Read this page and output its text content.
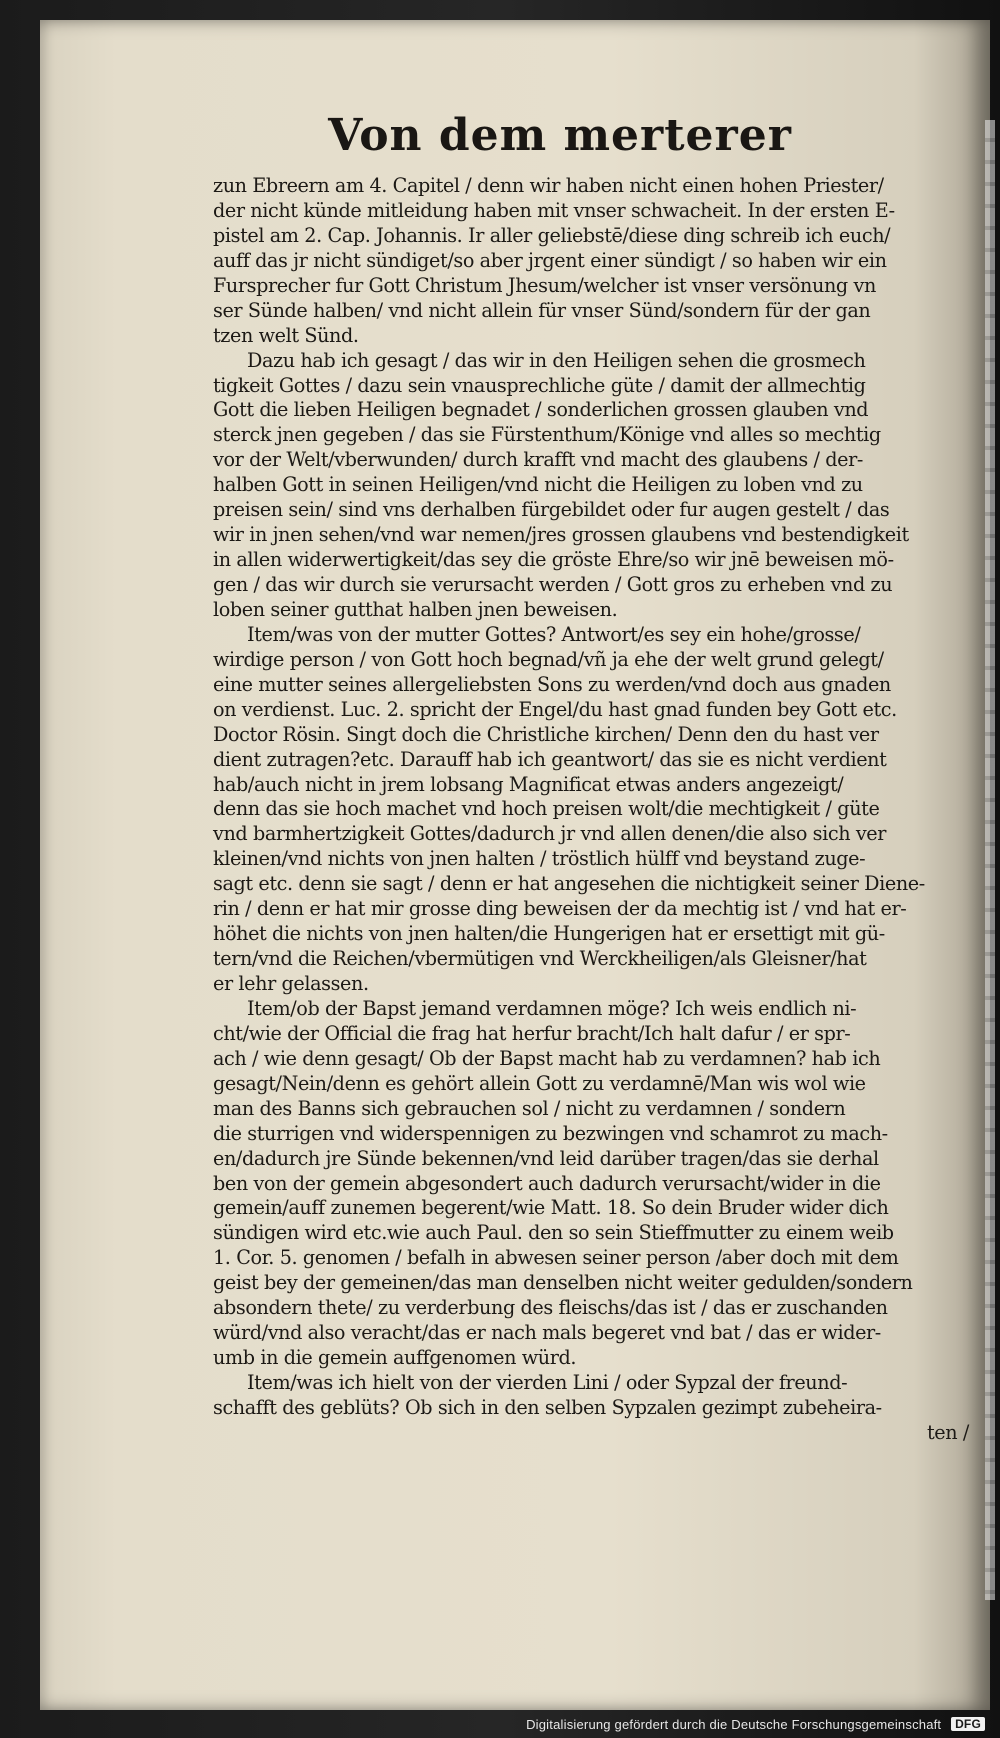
Von dem merterer
zun Ebreern am 4. Capitel / denn wir haben nicht einen hohen Priester/
der nicht künde mitleidung haben mit vnser schwacheit. In der ersten E-
pistel am 2. Cap. Johannis. Ir aller geliebstē/diese ding schreib ich euch/
auff das jr nicht sündiget/so aber jrgent einer sündigt / so haben wir ein
Fursprecher fur Gott Christum Jhesum/welcher ist vnser versönung vn
ser Sünde halben/ vnd nicht allein für vnser Sünd/sondern für der gan
tzen welt Sünd.
Dazu hab ich gesagt / das wir in den Heiligen sehen die grosmech
tigkeit Gottes / dazu sein vnausprechliche güte / damit der allmechtig
Gott die lieben Heiligen begnadet / sonderlichen grossen glauben vnd
sterck jnen gegeben / das sie Fürstenthum/Könige vnd alles so mechtig
vor der Welt/vberwunden/ durch krafft vnd macht des glaubens / der-
halben Gott in seinen Heiligen/vnd nicht die Heiligen zu loben vnd zu
preisen sein/ sind vns derhalben fürgebildet oder fur augen gestelt / das
wir in jnen sehen/vnd war nemen/jres grossen glaubens vnd bestendigkeit
in allen widerwertigkeit/das sey die gröste Ehre/so wir jnē beweisen mö-
gen / das wir durch sie verursacht werden / Gott gros zu erheben vnd zu
loben seiner gutthat halben jnen beweisen.
Item/was von der mutter Gottes? Antwort/es sey ein hohe/grosse/
wirdige person / von Gott hoch begnad/vñ ja ehe der welt grund gelegt/
eine mutter seines allergeliebsten Sons zu werden/vnd doch aus gnaden
on verdienst. Luc. 2. spricht der Engel/du hast gnad funden bey Gott etc.
Doctor Rösin. Singt doch die Christliche kirchen/ Denn den du hast ver
dient zutragen?etc. Darauff hab ich geantwort/ das sie es nicht verdient
hab/auch nicht in jrem lobsang Magnificat etwas anders angezeigt/
denn das sie hoch machet vnd hoch preisen wolt/die mechtigkeit / güte
vnd barmhertzigkeit Gottes/dadurch jr vnd allen denen/die also sich ver
kleinen/vnd nichts von jnen halten / tröstlich hülff vnd beystand zuge-
sagt etc. denn sie sagt / denn er hat angesehen die nichtigkeit seiner Diene-
rin / denn er hat mir grosse ding beweisen der da mechtig ist / vnd hat er-
höhet die nichts von jnen halten/die Hungerigen hat er ersettigt mit gü-
tern/vnd die Reichen/vbermütigen vnd Werckheiligen/als Gleisner/hat
er lehr gelassen.
Item/ob der Bapst jemand verdamnen möge? Ich weis endlich ni-
cht/wie der Official die frag hat herfur bracht/Ich halt dafur / er spr-
ach / wie denn gesagt/ Ob der Bapst macht hab zu verdamnen? hab ich
gesagt/Nein/denn es gehört allein Gott zu verdamnē/Man wis wol wie
man des Banns sich gebrauchen sol / nicht zu verdamnen / sondern
die sturrigen vnd widerspennigen zu bezwingen vnd schamrot zu mach-
en/dadurch jre Sünde bekennen/vnd leid darüber tragen/das sie derhal
ben von der gemein abgesondert auch dadurch verursacht/wider in die
gemein/auff zunemen begerent/wie Matt. 18. So dein Bruder wider dich
sündigen wird etc.wie auch Paul. den so sein Stieffmutter zu einem weib
1. Cor. 5. genomen / befalh in abwesen seiner person /aber doch mit dem
geist bey der gemeinen/das man denselben nicht weiter gedulden/sondern
absondern thete/ zu verderbung des fleischs/das ist / das er zuschanden
würd/vnd also veracht/das er nach mals begeret vnd bat / das er wider-
umb in die gemein auffgenomen würd.
Item/was ich hielt von der vierden Lini / oder Sypzal der freund-
schafft des geblüts? Ob sich in den selben Sypzalen gezimpt zubeheira-
ten /
Digitalisierung gefördert durch die Deutsche Forschungsgemeinschaft DFG
